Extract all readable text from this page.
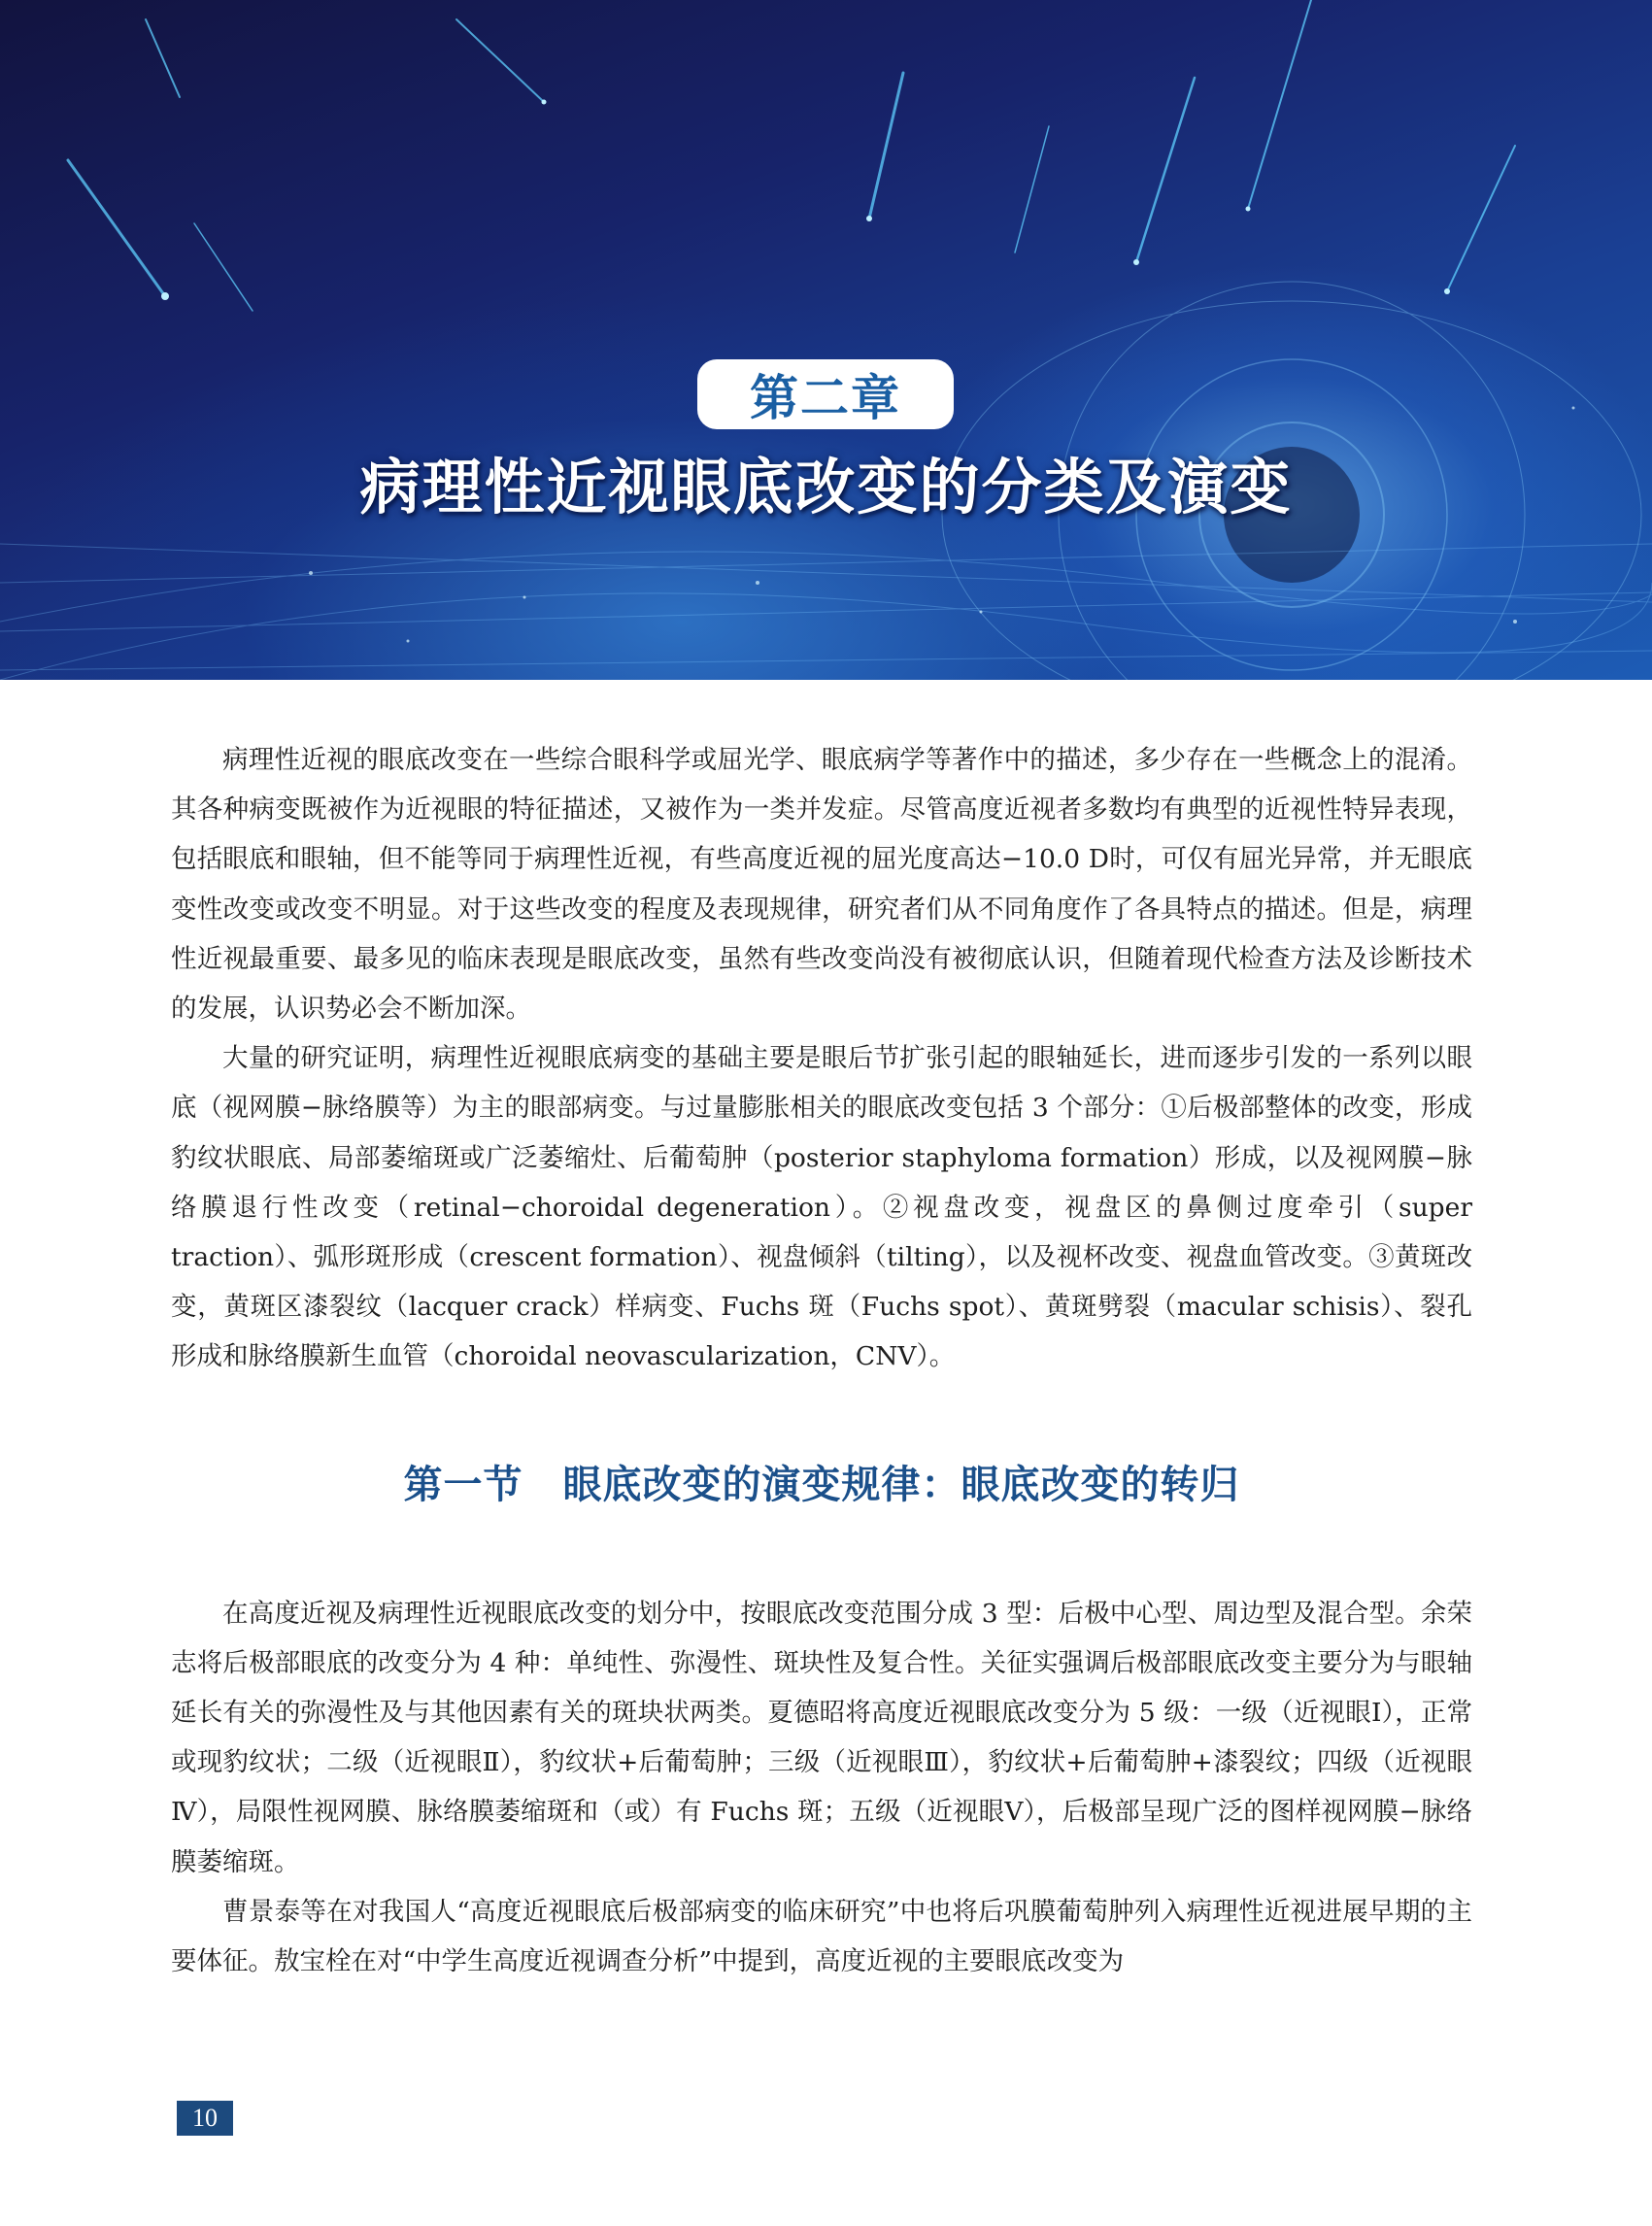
第二章
病理性近视眼底改变的分类及演变

病理性近视的眼底改变在一些综合眼科学或屈光学、眼底病学等著作中的描述，多少存在一些概念上的混淆。其各种病变既被作为近视眼的特征描述，又被作为一类并发症。尽管高度近视者多数均有典型的近视性特异表现，包括眼底和眼轴，但不能等同于病理性近视，有些高度近视的屈光度高达−10.0 D时，可仅有屈光异常，并无眼底变性改变或改变不明显。对于这些改变的程度及表现规律，研究者们从不同角度作了各具特点的描述。但是，病理性近视最重要、最多见的临床表现是眼底改变，虽然有些改变尚没有被彻底认识，但随着现代检查方法及诊断技术的发展，认识势必会不断加深。

大量的研究证明，病理性近视眼底病变的基础主要是眼后节扩张引起的眼轴延长，进而逐步引发的一系列以眼底（视网膜−脉络膜等）为主的眼部病变。与过量膨胀相关的眼底改变包括 3 个部分：①后极部整体的改变，形成豹纹状眼底、局部萎缩斑或广泛萎缩灶、后葡萄肿（posterior staphyloma formation）形成，以及视网膜−脉络膜退行性改变（retinal−choroidal degeneration）。②视盘改变，视盘区的鼻侧过度牵引（super traction）、弧形斑形成（crescent formation）、视盘倾斜（tilting），以及视杯改变、视盘血管改变。③黄斑改变，黄斑区漆裂纹（lacquer crack）样病变、Fuchs 斑（Fuchs spot）、黄斑劈裂（macular schisis）、裂孔形成和脉络膜新生血管（choroidal neovascularization，CNV）。

第一节　眼底改变的演变规律：眼底改变的转归

在高度近视及病理性近视眼底改变的划分中，按眼底改变范围分成 3 型：后极中心型、周边型及混合型。余荣志将后极部眼底的改变分为 4 种：单纯性、弥漫性、斑块性及复合性。关征实强调后极部眼底改变主要分为与眼轴延长有关的弥漫性及与其他因素有关的斑块状两类。夏德昭将高度近视眼底改变分为 5 级：一级（近视眼Ⅰ），正常或现豹纹状；二级（近视眼Ⅱ），豹纹状+后葡萄肿；三级（近视眼Ⅲ），豹纹状+后葡萄肿+漆裂纹；四级（近视眼Ⅳ），局限性视网膜、脉络膜萎缩斑和（或）有 Fuchs 斑；五级（近视眼Ⅴ），后极部呈现广泛的图样视网膜−脉络膜萎缩斑。

曹景泰等在对我国人“高度近视眼底后极部病变的临床研究”中也将后巩膜葡萄肿列入病理性近视进展早期的主要体征。敖宝栓在对“中学生高度近视调查分析”中提到，高度近视的主要眼底改变为

10
